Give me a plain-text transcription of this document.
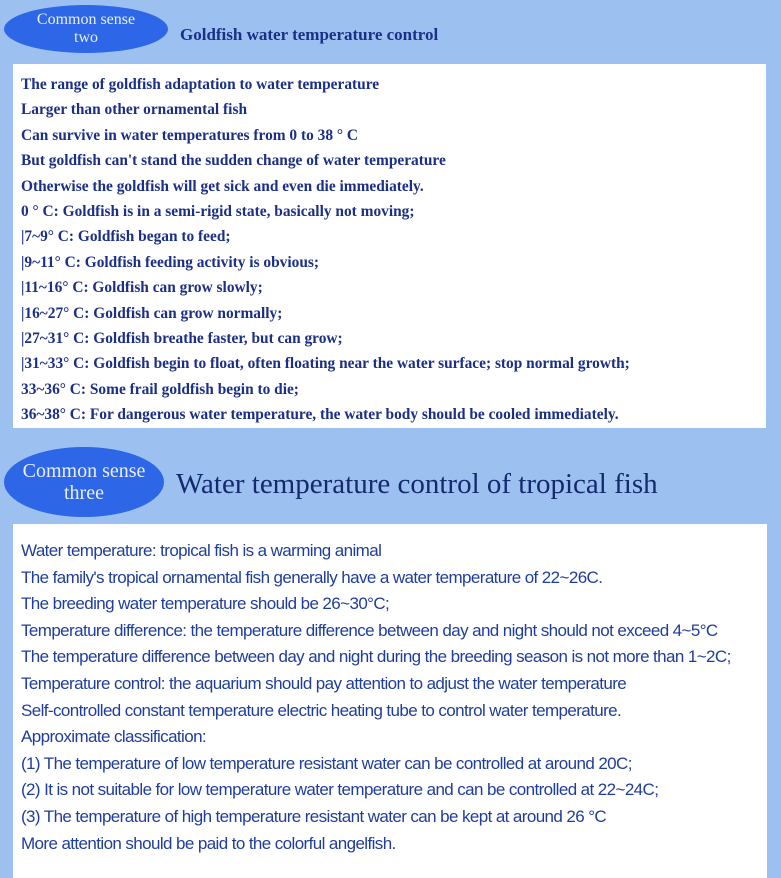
Common sense
two	Goldfish water temperature control
The range of goldfish adaptation to water temperature
Larger than other ornamental fish
Can survive in water temperatures from 0 to 38 ° C
But goldfish can't stand the sudden change of water temperature
Otherwise the goldfish will get sick and even die immediately.
0 ° C: Goldfish is in a semi-rigid state, basically not moving;
|7~9° C: Goldfish began to feed;
|9~11° C: Goldfish feeding activity is obvious;
|11~16° C: Goldfish can grow slowly;
|16~27° C: Goldfish can grow normally;
|27~31° C: Goldfish breathe faster, but can grow;
|31~33° C: Goldfish begin to float, often floating near the water surface; stop normal growth;
33~36° C: Some frail goldfish begin to die;
36~38° C: For dangerous water temperature, the water body should be cooled immediately.
Common sense
three Water temperature control of tropical fish
Water temperature: tropical fish is a warming animal
The family's tropical ornamental fish generally have a water temperature of 22~26C.
The breeding water temperature should be 26~30°C;
Temperature difference: the temperature difference between day and night should not exceed 4~5°C
The temperature difference between day and night during the breeding season is not more than 1~2C;
Temperature control: the aquarium should pay attention to adjust the water temperature
Self-controlled constant temperature electric heating tube to control water temperature.
Approximate classification:
(1) The temperature of low temperature resistant water can be controlled at around 20C;
(2) It is not suitable for low temperature water temperature and can be controlled at 22~24C;
(3) The temperature of high temperature resistant water can be kept at around 26 °C
More attention should be paid to the colorful angelfish.
